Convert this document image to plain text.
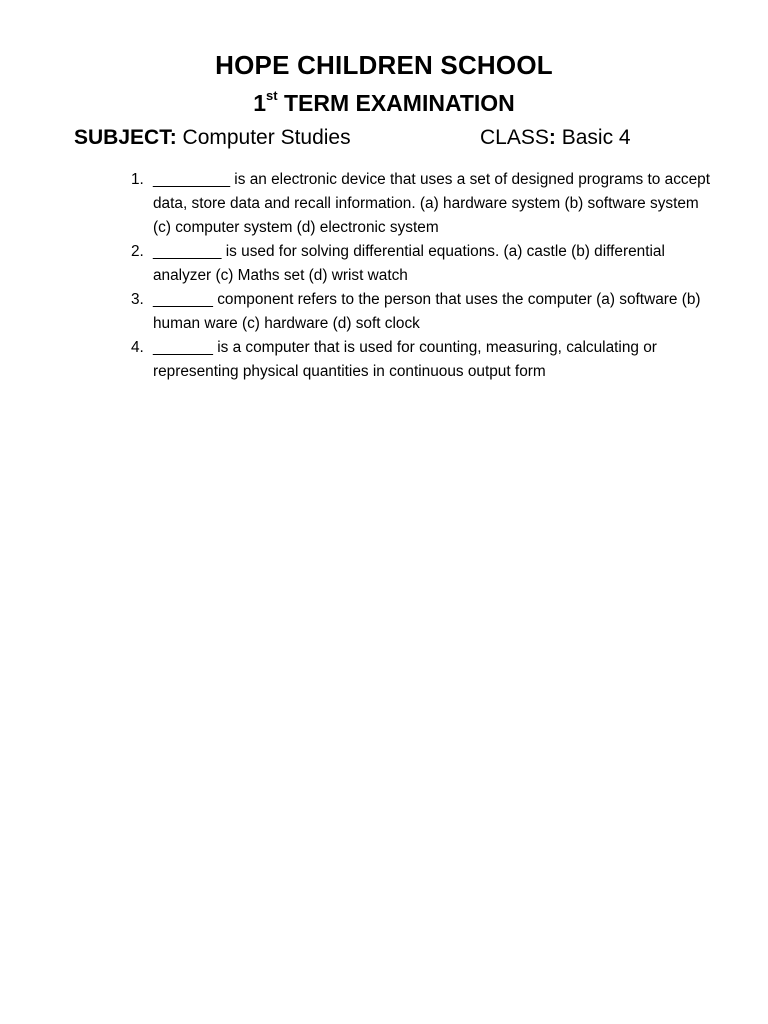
HOPE CHILDREN SCHOOL
1st TERM EXAMINATION
SUBJECT: Computer Studies	CLASS: Basic 4
1. _________ is an electronic device that uses a set of designed programs to accept data, store data and recall information. (a) hardware system (b) software system (c) computer system (d) electronic system
2. ________ is used for solving differential equations. (a) castle (b) differential analyzer (c) Maths set (d) wrist watch
3. _______ component refers to the person that uses the computer (a) software (b) human ware (c) hardware (d) soft clock
4. _______ is a computer that is used for counting, measuring, calculating or representing physical quantities in continuous output form
